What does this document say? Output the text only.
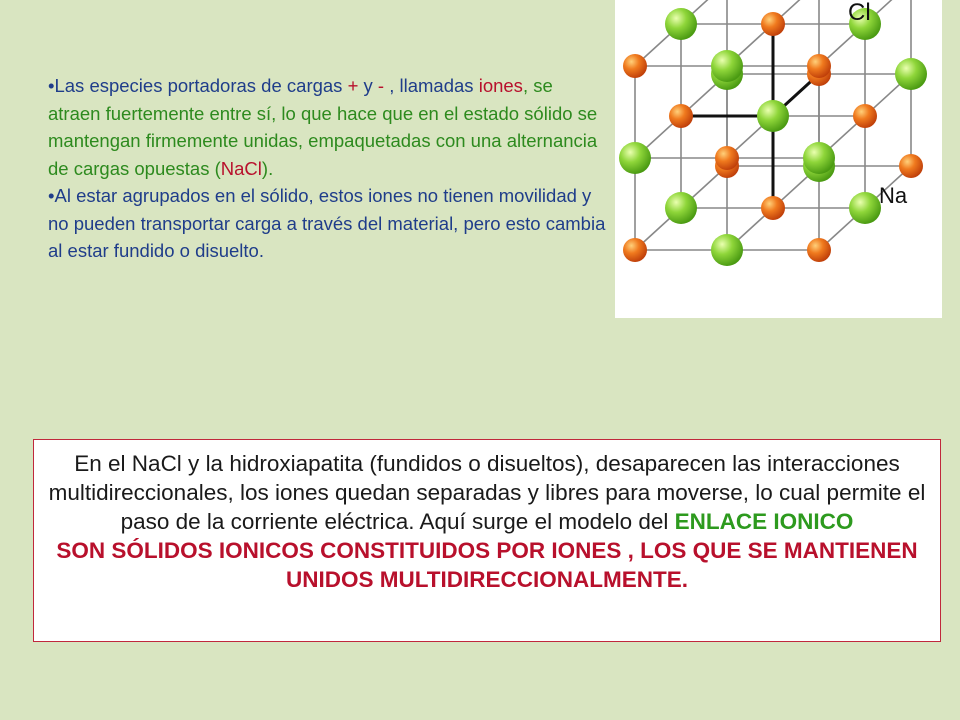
•Las especies portadoras de cargas + y - , llamadas iones, se atraen fuertemente entre sí, lo que hace que en el estado sólido se mantengan firmemente unidas, empaquetadas con una alternancia de cargas opuestas (NaCl).

•Al estar agrupados en el sólido, estos iones no tienen movilidad y no pueden transportar carga a través del material, pero esto cambia al estar fundido o disuelto.

Cl
Na

En el NaCl y la hidroxiapatita (fundidos o disueltos), desaparecen las interacciones multidireccionales, los iones quedan separadas y libres para moverse, lo cual permite el paso de la corriente eléctrica. Aquí surge el modelo del ENLACE IONICO

SON SÓLIDOS IONICOS CONSTITUIDOS POR IONES , LOS QUE SE MANTIENEN UNIDOS MULTIDIRECCIONALMENTE.
